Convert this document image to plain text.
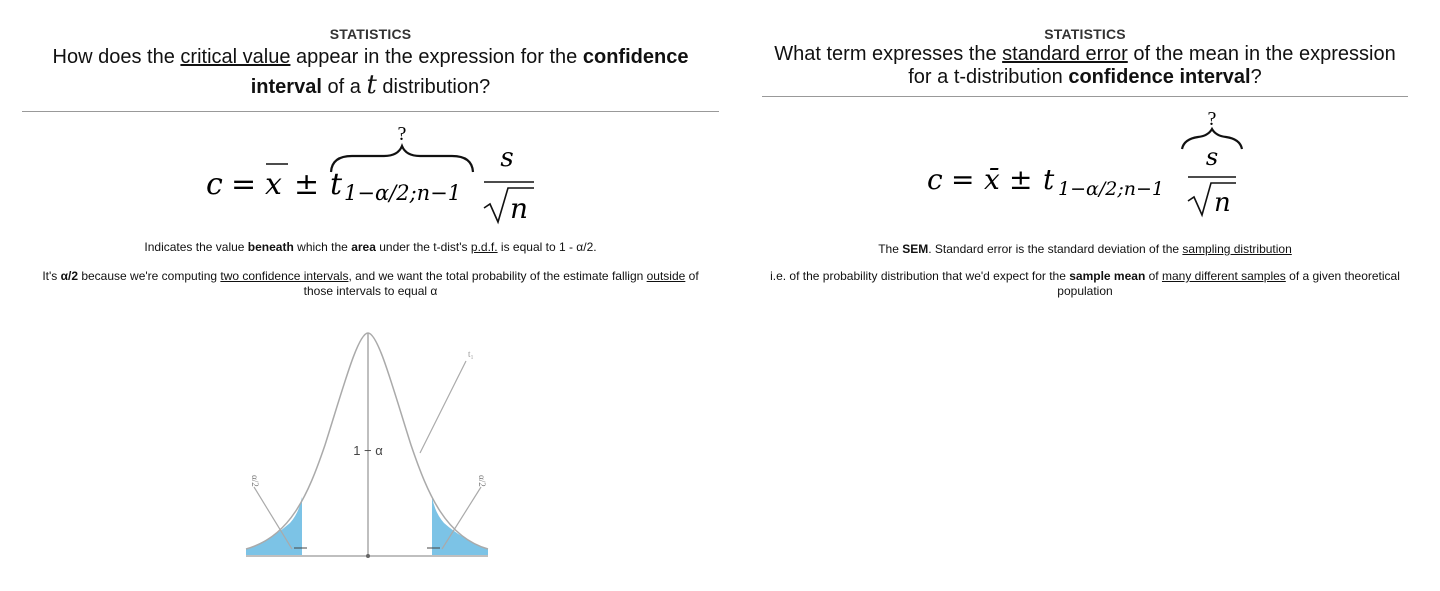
STATISTICS
How does the critical value appear in the expression for the confidence interval of a t distribution?
?
c = x ± t 1−α/2;n−1
s
n
Indicates the value beneath which the area under the t-dist's p.d.f. is equal to 1 - α/2.
It's α/2 because we're computing two confidence intervals, and we want the total probability of the estimate fallign outside of those intervals to equal α
1 − α
α/2	α/2
t₁
STATISTICS
What term expresses the standard error of the mean in the expression for a t-distribution confidence interval?
?
c = x̄ ± t 1−α/2;n−1
s
n
The SEM. Standard error is the standard deviation of the sampling distribution
i.e. of the probability distribution that we'd expect for the sample mean of many different samples of a given theoretical population
